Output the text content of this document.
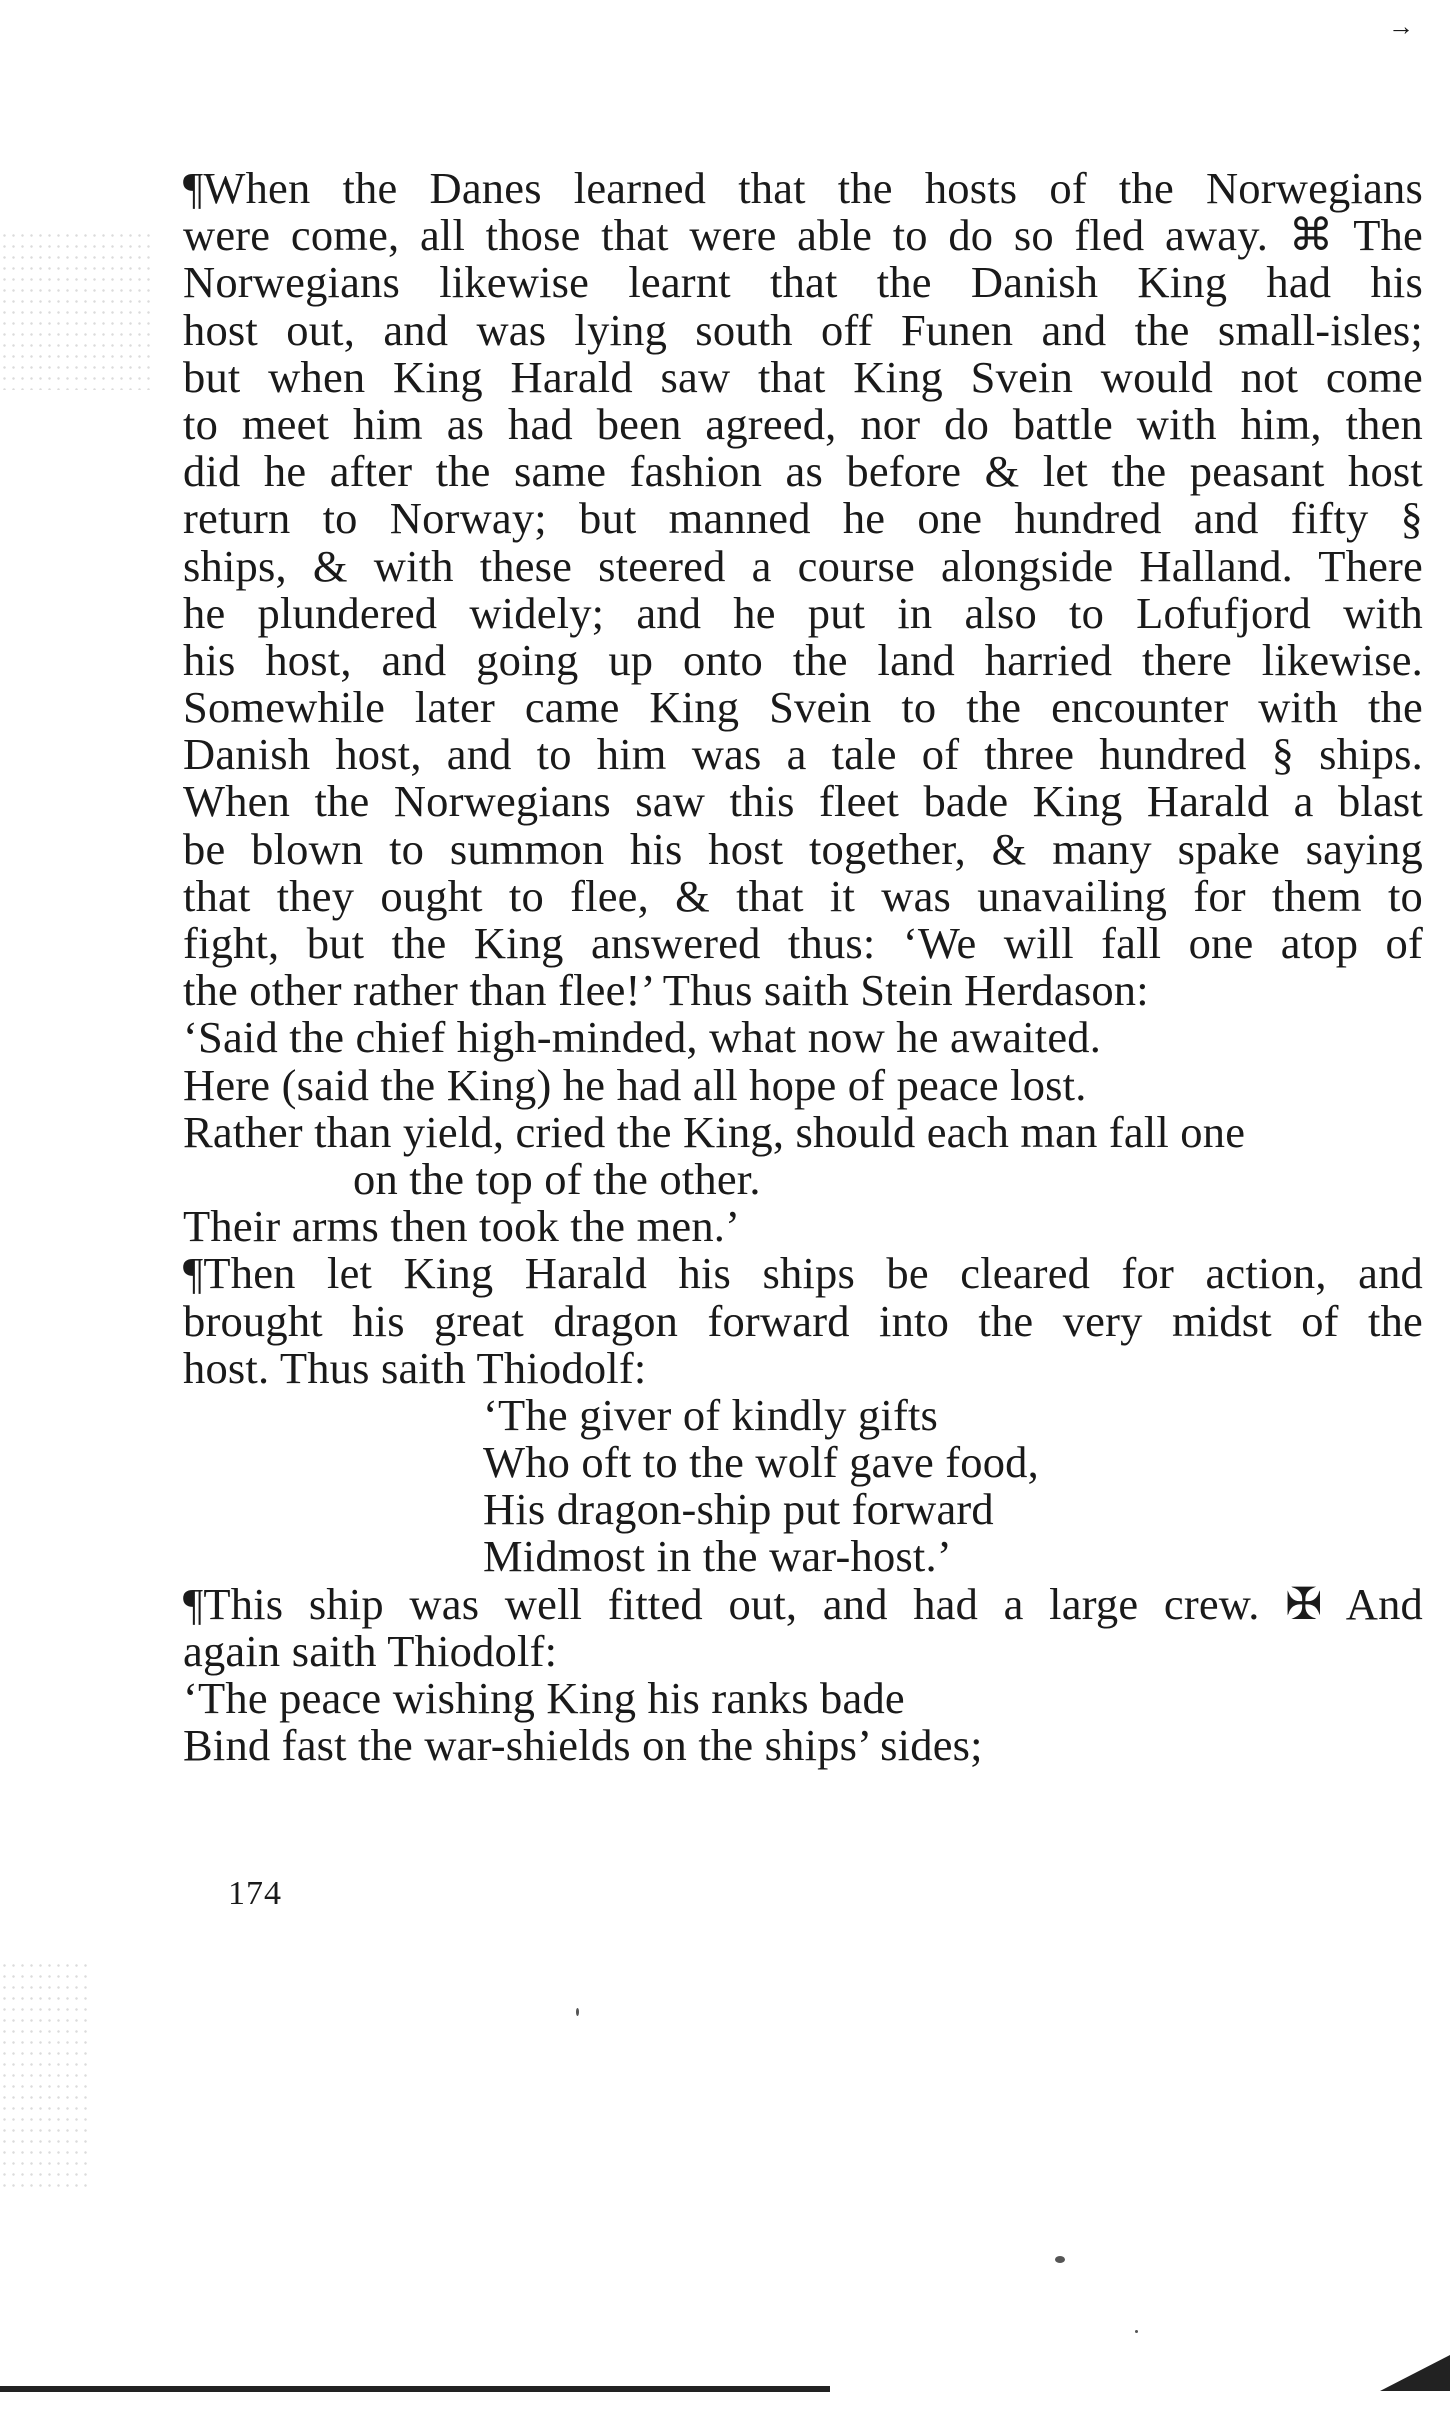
→
¶When the Danes learned that the hosts of the Norwegians
were come, all those that were able to do so fled away. ⌘ The
Norwegians likewise learnt that the Danish King had his
host out, and was lying south off Funen and the small-isles;
but when King Harald saw that King Svein would not come
to meet him as had been agreed, nor do battle with him, then
did he after the same fashion as before & let the peasant host
return to Norway; but manned he one hundred and fifty §
ships, & with these steered a course alongside Halland. There
he plundered widely; and he put in also to Lofufjord with
his host, and going up onto the land harried there likewise.
Somewhile later came King Svein to the encounter with the
Danish host, and to him was a tale of three hundred § ships.
When the Norwegians saw this fleet bade King Harald a blast
be blown to summon his host together, & many spake saying
that they ought to flee, & that it was unavailing for them to
fight, but the King answered thus: ‘We will fall one atop of
the other rather than flee!’ Thus saith Stein Herdason:
‘Said the chief high-minded, what now he awaited.
Here (said the King) he had all hope of peace lost.
Rather than yield, cried the King, should each man fall one
on the top of the other.
Their arms then took the men.’
¶Then let King Harald his ships be cleared for action, and
brought his great dragon forward into the very midst of the
host. Thus saith Thiodolf:
‘The giver of kindly gifts
Who oft to the wolf gave food,
His dragon-ship put forward
Midmost in the war-host.’
¶This ship was well fitted out, and had a large crew. ✠ And
again saith Thiodolf:
‘The peace wishing King his ranks bade
Bind fast the war-shields on the ships’ sides;
174
